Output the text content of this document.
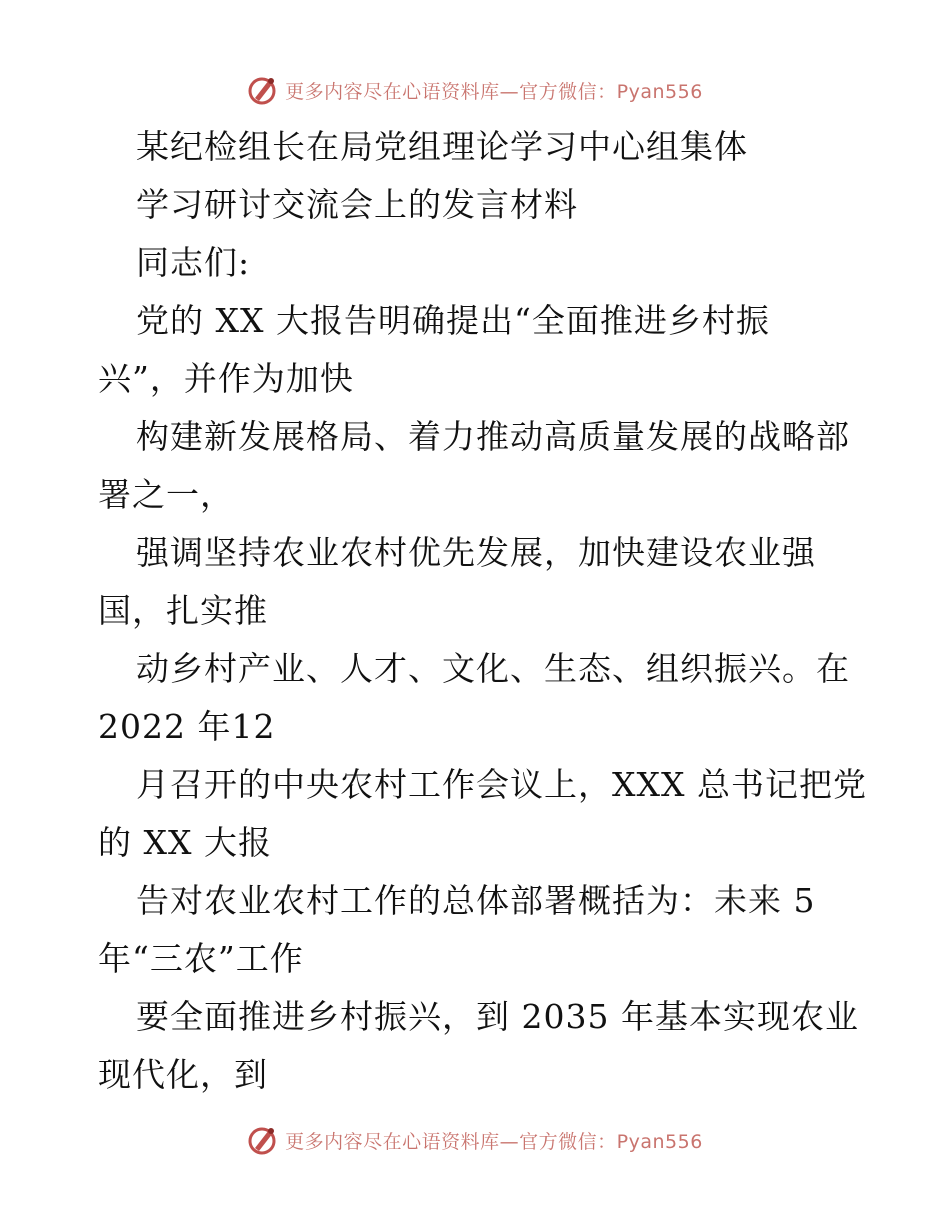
更多内容尽在心语资料库—官方微信：Pyan556
某纪检组长在局党组理论学习中心组集体
学习研讨交流会上的发言材料
同志们:
党的 XX 大报告明确提出“全面推进乡村振
兴”，并作为加快
构建新发展格局、着力推动高质量发展的战略部
署之一，
强调坚持农业农村优先发展，加快建设农业强
国，扎实推
动乡村产业、人才、文化、生态、组织振兴。在
2022 年12
月召开的中央农村工作会议上，XXX 总书记把党
的 XX 大报
告对农业农村工作的总体部署概括为：未来 5
年“三农”工作
要全面推进乡村振兴，到 2035 年基本实现农业
现代化，到
更多内容尽在心语资料库—官方微信：Pyan556
